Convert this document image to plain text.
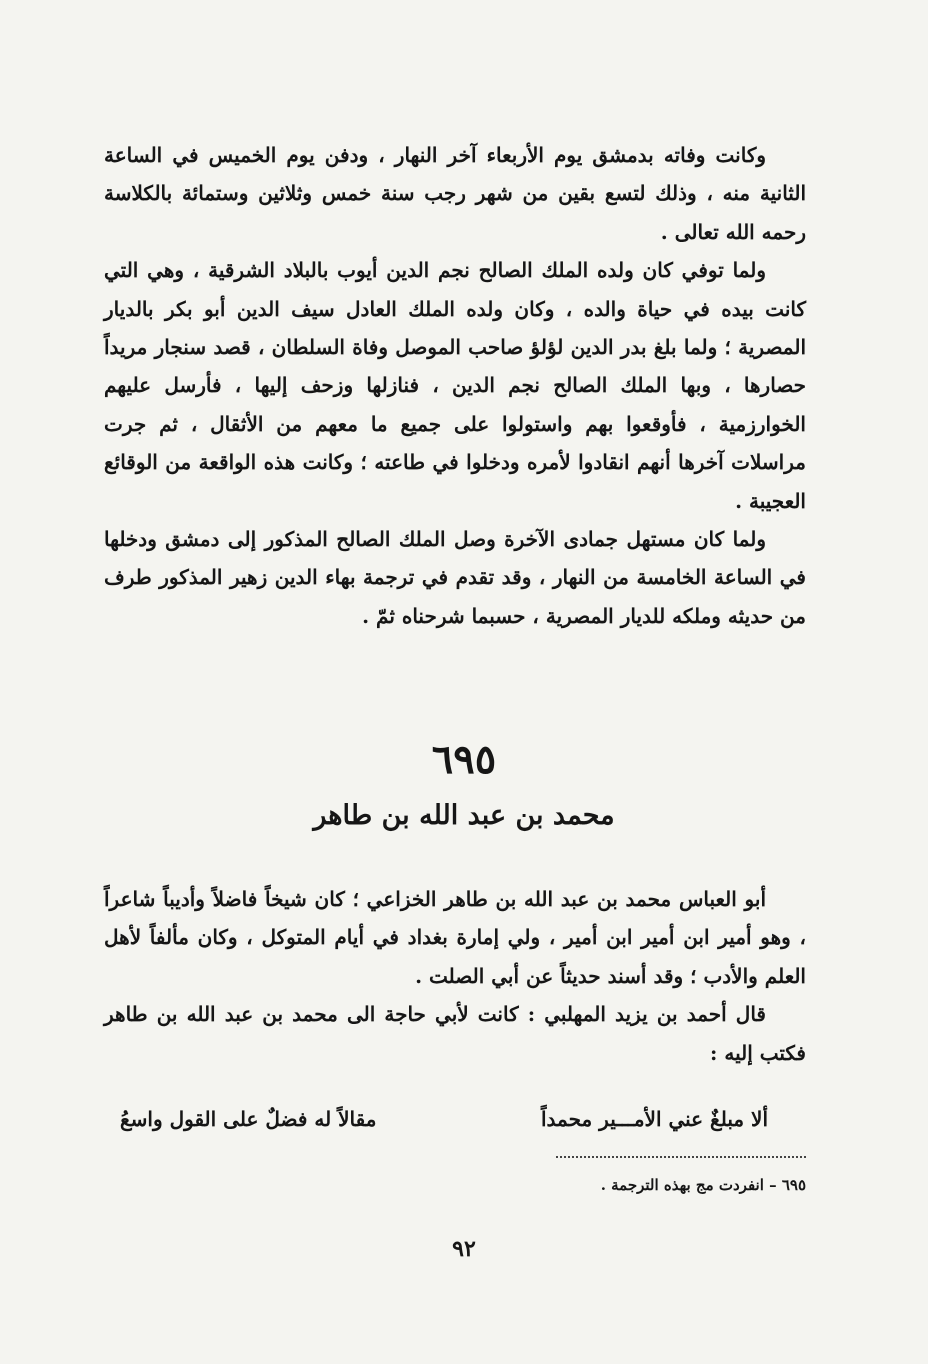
وكانت وفاته بدمشق يوم الأربعاء آخر النهار ، ودفن يوم الخميس في الساعة الثانية منه ، وذلك لتسع بقين من شهر رجب سنة خمس وثلاثين وستمائة بالكلاسة رحمه الله تعالى .

ولما توفي كان ولده الملك الصالح نجم الدين أيوب بالبلاد الشرقية ، وهي التي كانت بيده في حياة والده ، وكان ولده الملك العادل سيف الدين أبو بكر بالديار المصرية ؛ ولما بلغ بدر الدين لؤلؤ صاحب الموصل وفاة السلطان ، قصد سنجار مريداً حصارها ، وبها الملك الصالح نجم الدين ، فنازلها وزحف إليها ، فأرسل عليهم الخوارزمية ، فأوقعوا بهم واستولوا على جميع ما معهم من الأثقال ، ثم جرت مراسلات آخرها أنهم انقادوا لأمره ودخلوا في طاعته ؛ وكانت هذه الواقعة من الوقائع العجيبة .

ولما كان مستهل جمادى الآخرة وصل الملك الصالح المذكور إلى دمشق ودخلها في الساعة الخامسة من النهار ، وقد تقدم في ترجمة بهاء الدين زهير المذكور طرف من حديثه وملكه للديار المصرية ، حسبما شرحناه ثمّ .

٦٩٥
محمد بن عبد الله بن طاهر

أبو العباس محمد بن عبد الله بن طاهر الخزاعي ؛ كان شيخاً فاضلاً وأديباً شاعراً ، وهو أمير ابن أمير ابن أمير ، ولي إمارة بغداد في أيام المتوكل ، وكان مألفاً لأهل العلم والأدب ؛ وقد أسند حديثاً عن أبي الصلت .

قال أحمد بن يزيد المهلبي : كانت لأبي حاجة الى محمد بن عبد الله بن طاهر فكتب إليه :

ألا مبلغٌ عني الأمـــير محمداً
مقالاً له فضلٌ على القول واسعُ
٦٩٥ – انفردت مج بهذه الترجمة .
٩٢
